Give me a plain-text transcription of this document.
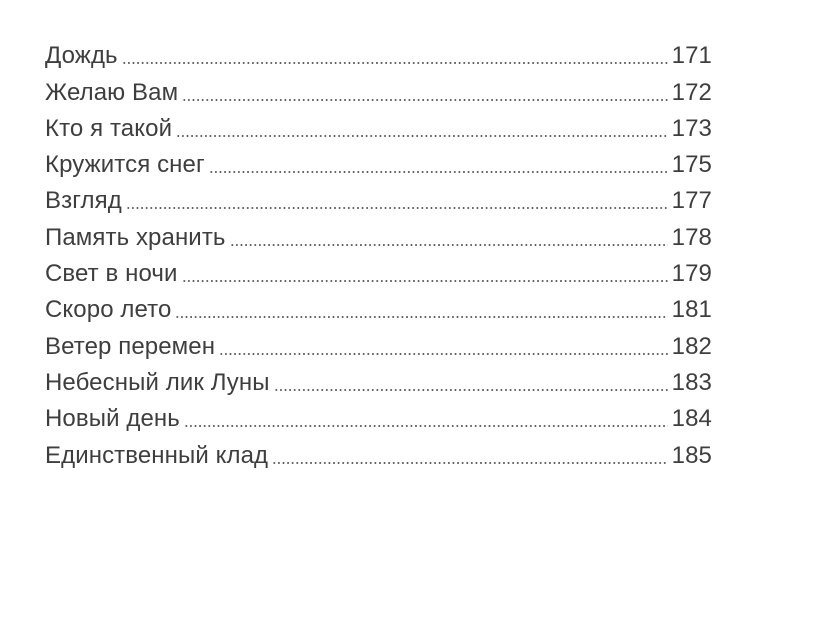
Дождь	171
Желаю Вам	172
Кто я такой	173
Кружится снег	175
Взгляд	177
Память хранить	178
Свет в ночи	179
Скоро лето	181
Ветер перемен	182
Небесный лик Луны	183
Новый день	184
Единственный клад	185
